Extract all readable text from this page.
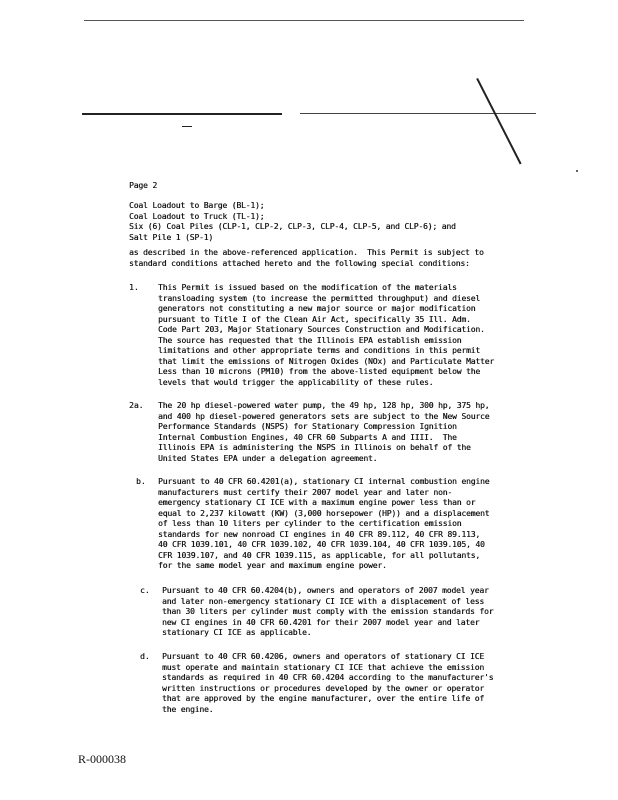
Page 2
Coal Loadout to Barge (BL-1);
Coal Loadout to Truck (TL-1);
Six (6) Coal Piles (CLP-1, CLP-2, CLP-3, CLP-4, CLP-5, and CLP-6); and
Salt Pile 1 (SP-1)
as described in the above-referenced application.  This Permit is subject to
standard conditions attached hereto and the following special conditions:
1. This Permit is issued based on the modification of the materials
transloading system (to increase the permitted throughput) and diesel
generators not constituting a new major source or major modification
pursuant to Title I of the Clean Air Act, specifically 35 Ill. Adm.
Code Part 203, Major Stationary Sources Construction and Modification.
The source has requested that the Illinois EPA establish emission
limitations and other appropriate terms and conditions in this permit
that limit the emissions of Nitrogen Oxides (NOx) and Particulate Matter
Less than 10 microns (PM10) from the above-listed equipment below the
levels that would trigger the applicability of these rules.
2a. The 20 hp diesel-powered water pump, the 49 hp, 128 hp, 300 hp, 375 hp,
and 400 hp diesel-powered generators sets are subject to the New Source
Performance Standards (NSPS) for Stationary Compression Ignition
Internal Combustion Engines, 40 CFR 60 Subparts A and IIII.  The
Illinois EPA is administering the NSPS in Illinois on behalf of the
United States EPA under a delegation agreement.
b. Pursuant to 40 CFR 60.4201(a), stationary CI internal combustion engine
manufacturers must certify their 2007 model year and later non-
emergency stationary CI ICE with a maximum engine power less than or
equal to 2,237 kilowatt (KW) (3,000 horsepower (HP)) and a displacement
of less than 10 liters per cylinder to the certification emission
standards for new nonroad CI engines in 40 CFR 89.112, 40 CFR 89.113,
40 CFR 1039.101, 40 CFR 1039.102, 40 CFR 1039.104, 40 CFR 1039.105, 40
CFR 1039.107, and 40 CFR 1039.115, as applicable, for all pollutants,
for the same model year and maximum engine power.
c. Pursuant to 40 CFR 60.4204(b), owners and operators of 2007 model year
and later non-emergency stationary CI ICE with a displacement of less
than 30 liters per cylinder must comply with the emission standards for
new CI engines in 40 CFR 60.4201 for their 2007 model year and later
stationary CI ICE as applicable.
d. Pursuant to 40 CFR 60.4206, owners and operators of stationary CI ICE
must operate and maintain stationary CI ICE that achieve the emission
standards as required in 40 CFR 60.4204 according to the manufacturer's
written instructions or procedures developed by the owner or operator
that are approved by the engine manufacturer, over the entire life of
the engine.
R-000038
